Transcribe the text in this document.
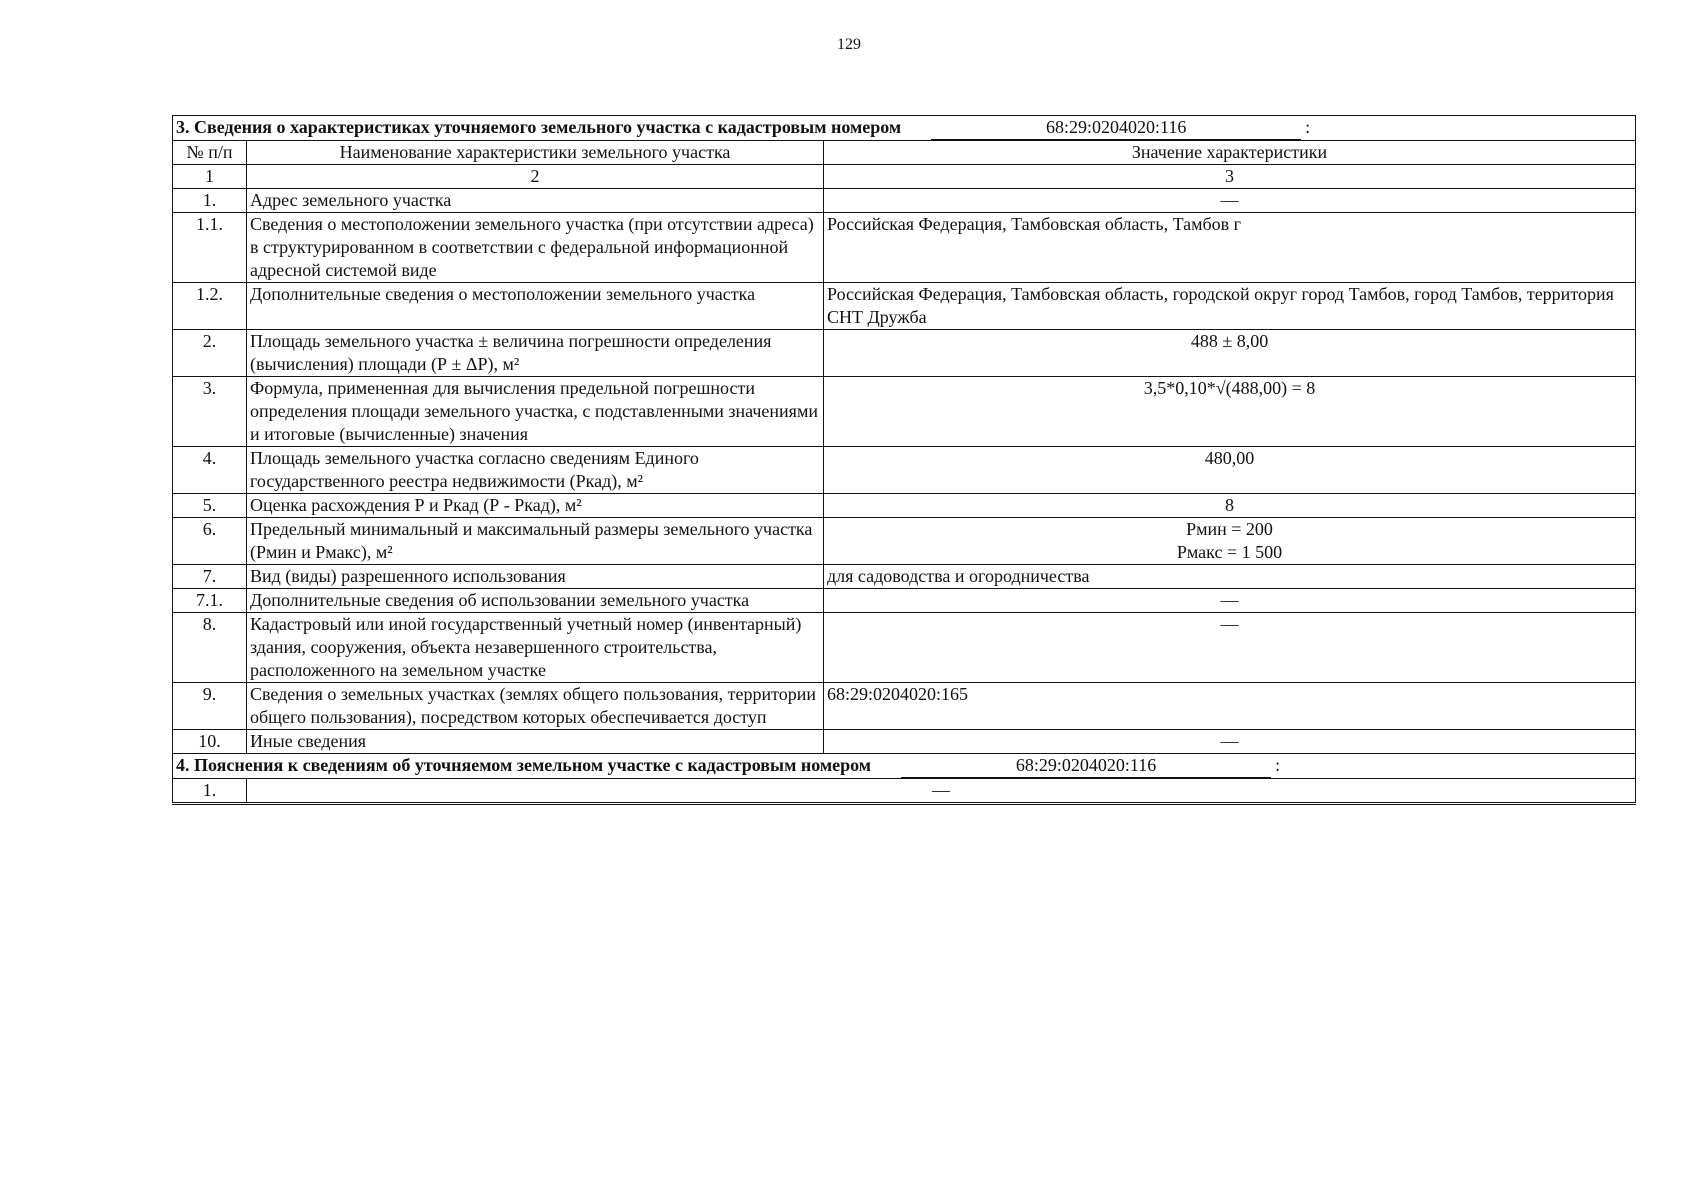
129
3. Сведения о характеристиках уточняемого земельного участка с кадастровым номером 68:29:0204020:116 :		
№ п/п	Наименование характеристики земельного участка	Значение характеристики
1	2	3
1.	Адрес земельного участка	—
1.1.	Сведения о местоположении земельного участка (при отсутствии адреса) в структурированном в соответствии с федеральной информационной адресной системой виде	Российская Федерация, Тамбовская область, Тамбов г
1.2.	Дополнительные сведения о местоположении земельного участка	Российская Федерация, Тамбовская область, городской округ город Тамбов, город Тамбов, территория СНТ Дружба
2.	Площадь земельного участка ± величина погрешности определения (вычисления) площади (Р ± ΔР), м²	488 ± 8,00
3.	Формула, примененная для вычисления предельной погрешности определения площади земельного участка, с подставленными значениями и итоговые (вычисленные) значения	3,5*0,10*√(488,00) = 8
4.	Площадь земельного участка согласно сведениям Единого государственного реестра недвижимости (Ркад), м²	480,00
5.	Оценка расхождения Р и Ркад (Р - Ркад), м²	8
6.	Предельный минимальный и максимальный размеры земельного участка (Рмин и Рмакс), м²	Рмин = 200
Рмакс = 1 500

7.	Вид (виды) разрешенного использования	для садоводства и огородничества
7.1.	Дополнительные сведения об использовании земельного участка	—
8.	Кадастровый или иной государственный учетный номер (инвентарный) здания, сооружения, объекта незавершенного строительства, расположенного на земельном участке	—
9.	Сведения о земельных участках (землях общего пользования, территории общего пользования), посредством которых обеспечивается доступ	68:29:0204020:165
10.	Иные сведения	—
4. Пояснения к сведениям об уточняемом земельном участке с кадастровым номером 68:29:0204020:116 :		
1.	—	
